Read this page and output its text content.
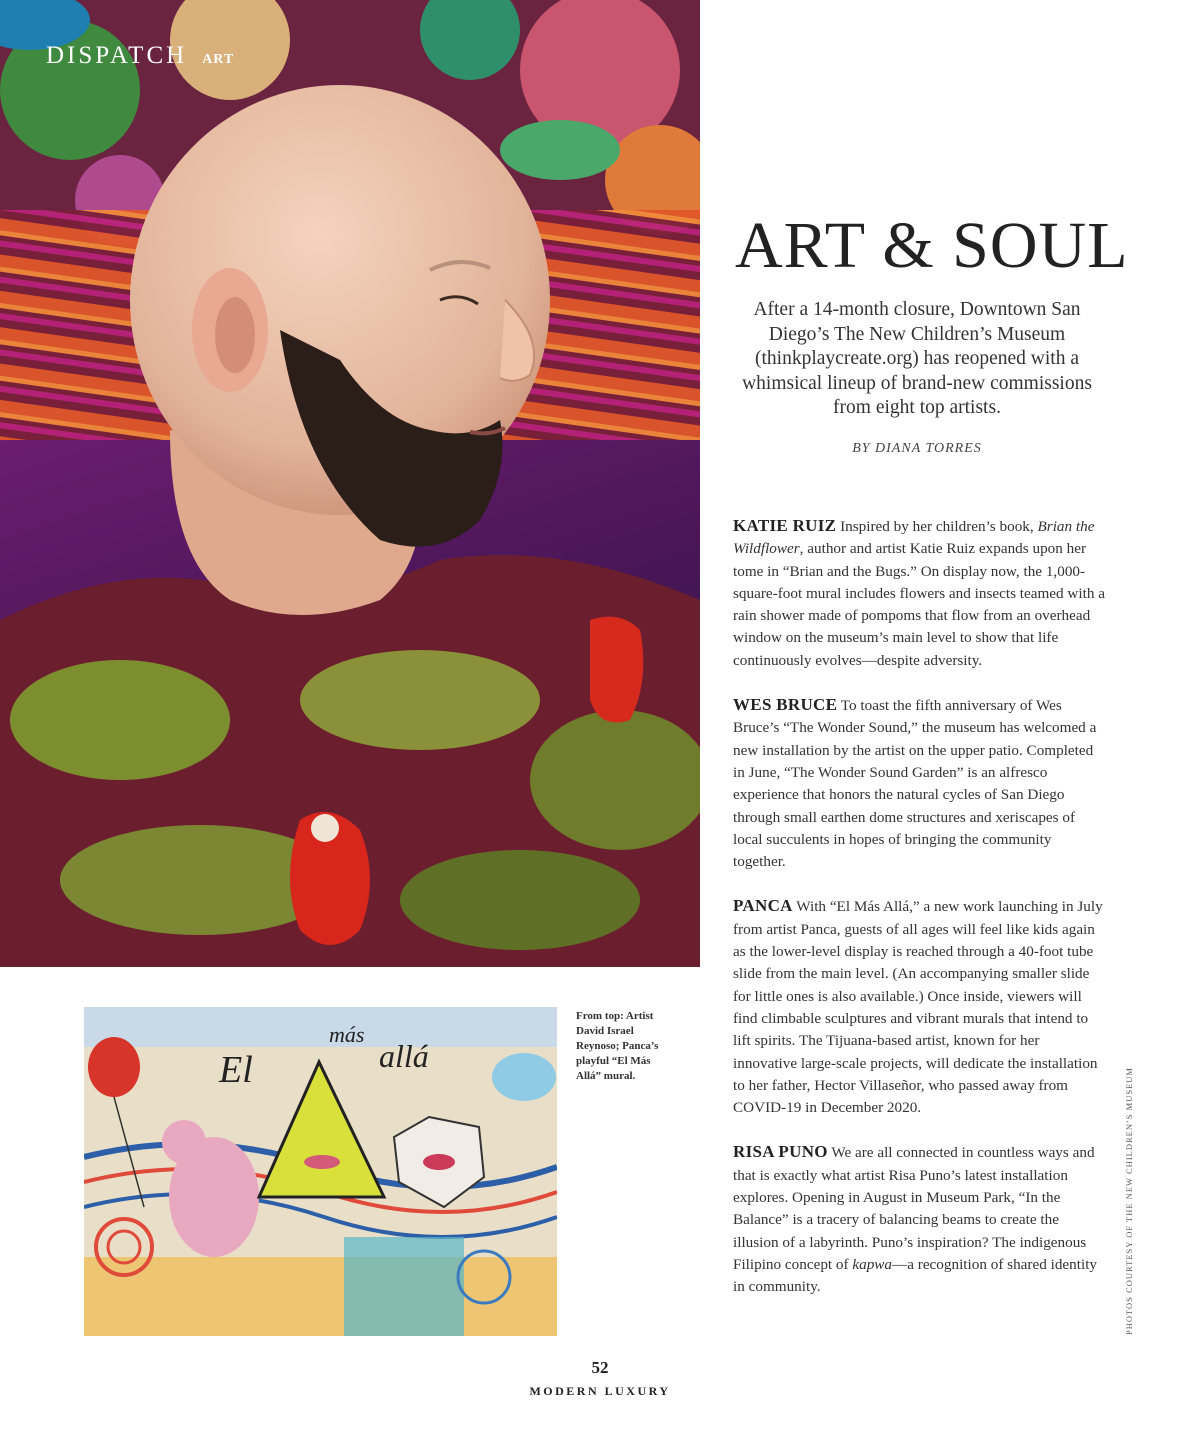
DISPATCH ART
El
más
allá
From top: Artist David Israel Reynoso; Panca’s playful “El Más Allá” mural.
ART & SOUL

After a 14-month closure, Downtown San Diego’s The New Children’s Museum (thinkplaycreate.org) has reopened with a whimsical lineup of brand-new commissions from eight top artists.

BY DIANA TORRES

KATIE RUIZ Inspired by her children’s book, Brian the Wildflower, author and artist Katie Ruiz expands upon her tome in “Brian and the Bugs.” On display now, the 1,000-square-foot mural includes flowers and insects teamed with a rain shower made of pompoms that flow from an overhead window on the museum’s main level to show that life continuously evolves—despite adversity.

WES BRUCE To toast the fifth anniversary of Wes Bruce’s “The Wonder Sound,” the museum has welcomed a new installation by the artist on the upper patio. Completed in June, “The Wonder Sound Garden” is an alfresco experience that honors the natural cycles of San Diego through small earthen dome structures and xeriscapes of local succulents in hopes of bringing the community together.

PANCA With “El Más Allá,” a new work launching in July from artist Panca, guests of all ages will feel like kids again as the lower-level display is reached through a 40-foot tube slide from the main level. (An accompanying smaller slide for little ones is also available.) Once inside, viewers will find climbable sculptures and vibrant murals that intend to lift spirits. The Tijuana-based artist, known for her innovative large-scale projects, will dedicate the installation to her father, Hector Villaseñor, who passed away from COVID-19 in December 2020.

RISA PUNO We are all connected in countless ways and that is exactly what artist Risa Puno’s latest installation explores. Opening in August in Museum Park, “In the Balance” is a tracery of balancing beams to create the illusion of a labyrinth. Puno’s inspiration? The indigenous Filipino concept of kapwa—a recognition of shared identity in community.	PHOTOS COURTESY OF THE NEW CHILDREN’S MUSEUM
52
MODERN LUXURY
